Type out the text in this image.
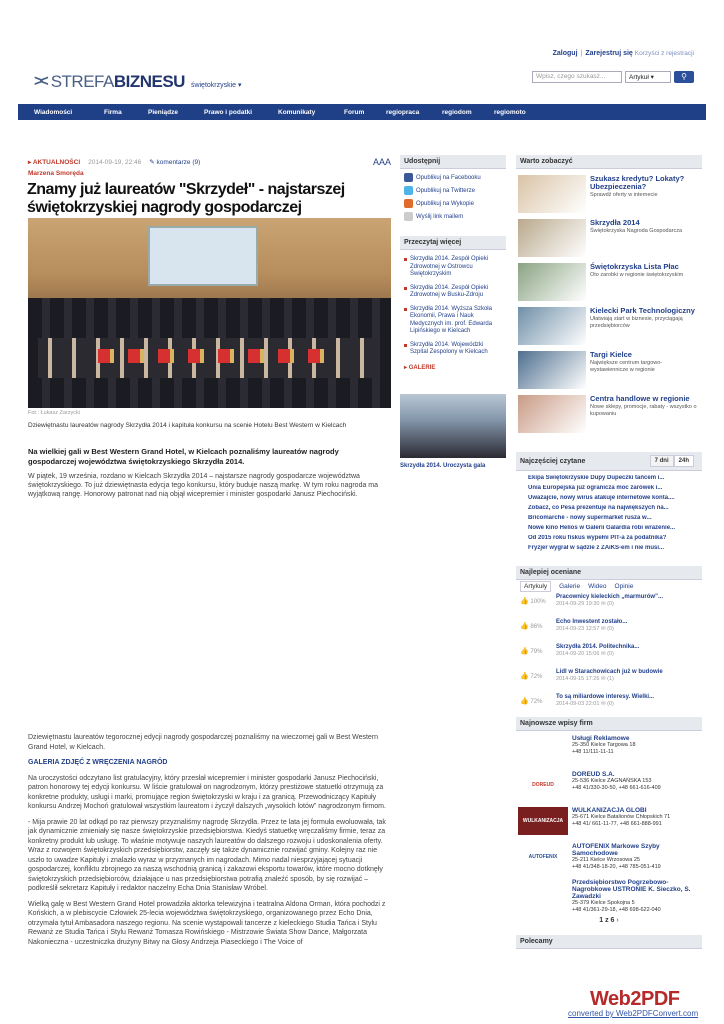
Zaloguj | Zarejestruj się Korzyści z rejestracji
>< STREFA BIZNESU świętokrzyskie ▾
Wpisz, czego szukasz...	Artykuł ▾	⚲
Wiadomości	Firma	Pieniądze	Prawo i podatki	Komunikaty	Forum	regiopraca	regiodom	regiomoto
▸ AKTUALNOŚCI 2014-09-19, 22:46 ✎ komentarze (9)	AAA
Marzena Smoręda
Znamy już laureatów "Skrzydeł" - najstarszej świętokrzyskiej nagrody gospodarczej
Fot.: Łukasz Zarzycki
Dziewiętnastu laureatów nagrody Skrzydła 2014 i kapituła konkursu na scenie Hotelu Best Western w Kielcach

Na wielkiej gali w Best Western Grand Hotel, w Kielcach poznaliśmy laureatów nagrody gospodarczej województwa świętokrzyskiego Skrzydła 2014.

W piątek, 19 września, rozdano w Kielcach Skrzydła 2014 – najstarsze nagrody gospodarcze województwa świętokrzyskiego. To już dziewiętnasta edycja tego konkursu, który buduje naszą markę. W tym roku nagroda ma wyjątkową rangę. Honorowy patronat nad nią objął wicepremier i minister gospodarki Janusz Piechociński.

Dziewiętnastu laureatów tegorocznej edycji nagrody gospodarczej poznaliśmy na wieczornej gali w Best Western Grand Hotel, w Kielcach.

GALERIA ZDJĘĆ Z WRĘCZENIA NAGRÓD

Na uroczystości odczytano list gratulacyjny, który przesłał wicepremier i minister gospodarki Janusz Piechociński, patron honorowy tej edycji konkursu. W liście gratulował on nagrodzonym, którzy prestiżowe statuetki otrzymują za konkretne produkty, usługi i marki, promujące region świętokrzyski w kraju i za granicą. Przewodniczący Kapituły konkursu Andrzej Mochoń gratulował wszystkim laureatom i życzył dalszych „wysokich lotów” nagrodzonym firmom.

- Mija prawie 20 lat odkąd po raz pierwszy przyznaliśmy nagrodę Skrzydła. Przez te lata jej formuła ewoluowała, tak jak dynamicznie zmieniały się nasze świętokrzyskie przedsiębiorstwa. Kiedyś statuetkę wręczaliśmy firmie, teraz za konkretny produkt lub usługę. To właśnie motywuje naszych laureatów do dalszego rozwoju i udoskonalenia oferty. Wraz z rozwojem świętokrzyskich przedsiębiorstw, zaczęły się także dynamicznie rozwijać gminy. Kolejny raz nie uszło to uwadze Kapituły i znalazło wyraz w przyznanych im nagrodach. Mimo nadal niesprzyjającej sytuacji gospodarczej, konfliktu zbrojnego za naszą wschodnią granicą i zakazowi eksportu towarów, które mocno dotknęły świętokrzyskich przedsiębiorców, działające u nas przedsiębiorstwa potrafią znaleźć sposób, by się rozwijać – podkreślił sekretarz Kapituły i redaktor naczelny Echa Dnia Stanisław Wróbel.

Wielką galę w Best Western Grand Hotel prowadziła aktorka telewizyjna i teatralna Aldona Orman, która pochodzi z Końskich, a w plebiscycie Człowiek 25-lecia województwa świętokrzyskiego, organizowanego przez Echo Dnia, otrzymała tytuł Ambasadora naszego regionu. Na scenie wystąpowali tancerze z kieleckiego Studia Tańca i Stylu Rewanż ze Studia Tańca i Stylu Rewanż Tomasza Rowińskiego - Mistrzowie Świata Show Dance, Małgorzata Nakonieczna - uczestniczka drużyny Bitwy na Głosy Andrzeja Piaseckiego i The Voice of

Udostępnij
Opublikuj na Facebooku
Opublikuj na Twitterze
Opublikuj na Wykopie
Wyślij link mailem
Przeczytaj więcej
Skrzydła 2014. Zespół Opieki Zdrowotnej w Ostrowcu Świętokrzyskim
Skrzydła 2014. Zespół Opieki Zdrowotnej w Busku-Zdroju
Skrzydła 2014. Wyższa Szkoła Ekonomii, Prawa i Nauk Medycznych im. prof. Edwarda Lipińskiego w Kielcach
Skrzydła 2014. Wojewódzki Szpital Zespolony w Kielcach
▸ GALERIE
Skrzydła 2014. Uroczysta gala
Warto zobaczyć
Szukasz kredytu? Lokaty? Ubezpieczenia?
Sprawdź oferty w internecie
Skrzydła 2014
Świętokrzyska Nagroda Gospodarcza
Świętokrzyska Lista Płac
Oto zarobki w regionie świętokrzyskim
Kielecki Park Technologiczny
Ułatwiają start w biznesie, przyciągają przedsiębiorców
Targi Kielce
Największe centrum targowo-wystawiennicze w regionie
Centra handlowe w regionie
Nowe sklepy, promocje, rabaty - wszystko o kupowaniu
Najczęściej czytane	7 dni	24h
Ekipa Świętokrzyskie Dupy Dupeczki tańcem i...
Unia Europejska już ogranicza moc żarówek i...
Uważajcie, nowy wirus atakuje internetowe konta....
Zobacz, co Pesa prezentuje na największych na...
Bricomarché - nowy supermarket rusza w...
Nowe kino Helios w Galerii Galardia robi wrażenie...
Od 2015 roku fiskus wypełni PIT-a za podatnika?
Fryzjer wygrał w sądzie z ZAiKS-em i nie musi...
Najlepiej oceniane
Artykuły	Galerie Wideo Opinie
👍 100%
Pracownicy kieleckich „marmurów”...
2014-09-29 19:30 ✉ (0)
👍 86%
Echo Inwestent zostało...
2014-09-23 12:57 ✉ (0)
👍 79%
Skrzydła 2014. Politechnika...
2014-09-20 15:06 ✉ (0)
👍 72%
Lidl w Starachowicach już w budowie
2014-09-15 17:26 ✉ (1)
👍 72%
To są miliardowe interesy. Wielki...
2014-09-03 22:01 ✉ (0)
Najnowsze wpisy firm
Usługi Reklamowe
25-350 Kielce Targowa 18
+48 11/111-11-11
DOREUD
DOREUD S.A.
25-536 Kielce ZAGNAŃSKA 153
+48 41/330-30-50, +48 661-616-409
WULKANIZACJA
WULKANIZACJA GLOBI
25-671 Kielce Batalionów Chłopskich 71
+48 41/ 661-11-77, +48 661-888-991
AUTOFENIX
AUTOFENIX Markowe Szyby Samochodowe
25-211 Kielce Wrzosowa 25
+48 41/348-18-20, +48 785-051-419
Przedsiębiorstwo Pogrzebowo-Nagrobkowe USTRONIE K. Sieczko, S. Zawadzki
25-379 Kielce Spokojna 5
+48 41/361-29-18, +48 698-622-040
1 z 6 ›
Polecamy
Web2PDF
converted by Web2PDFConvert.com
